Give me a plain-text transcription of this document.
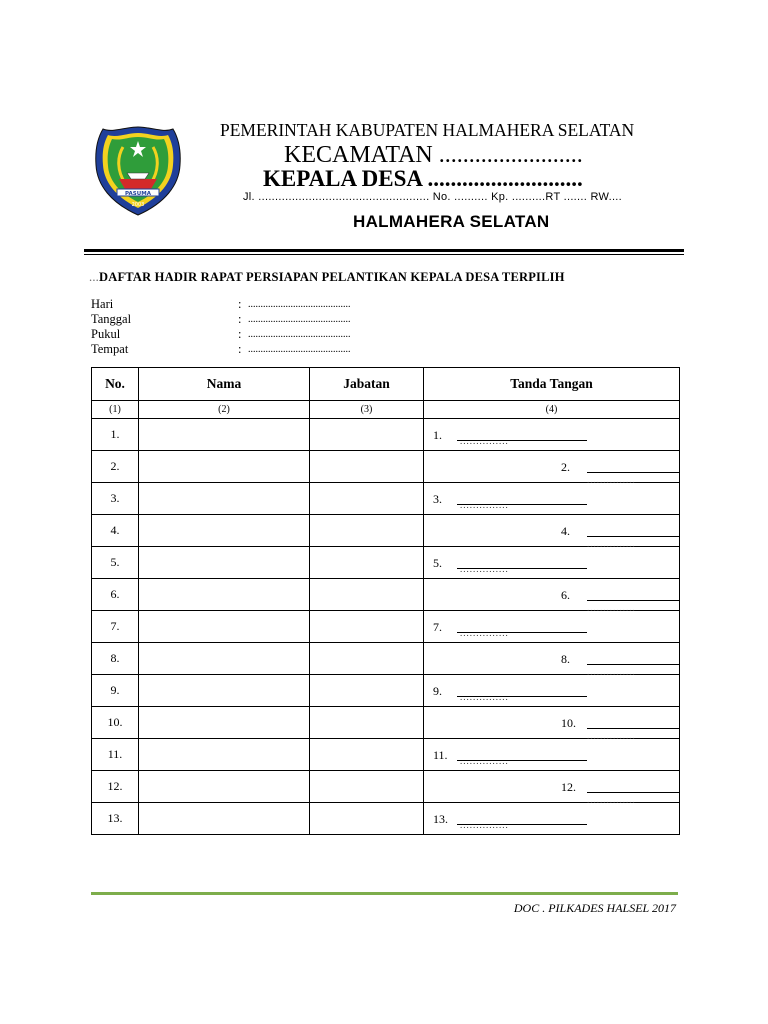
PASUMA
2003
PEMERINTAH KABUPATEN HALMAHERA SELATAN
KECAMATAN ........................
KEPALA DESA ...........................
Jl. ................................................... No. .......... Kp. ..........RT ....... RW....
HALMAHERA SELATAN
...DAFTAR HADIR RAPAT PERSIAPAN PELANTIKAN KEPALA DESA TERPILIH
Hari	: .........................................
Tanggal	: .........................................
Pukul	: .........................................
Tempat	: .........................................
No.	Nama	Jabatan	Tanda Tangan
(1)	(2)	(3)	(4)
1.			1. ...............

2.			2.
...............

3.			3. ...............

4.			4.
...............

5.			5. ...............

6.			6.
...............

7.			7. ...............

8.			8.
...............

9.			9. ...............

10.			10.
...............

11.			11. ...............

12.			12.
...............

13.			13. ...............
DOC . PILKADES HALSEL 2017
